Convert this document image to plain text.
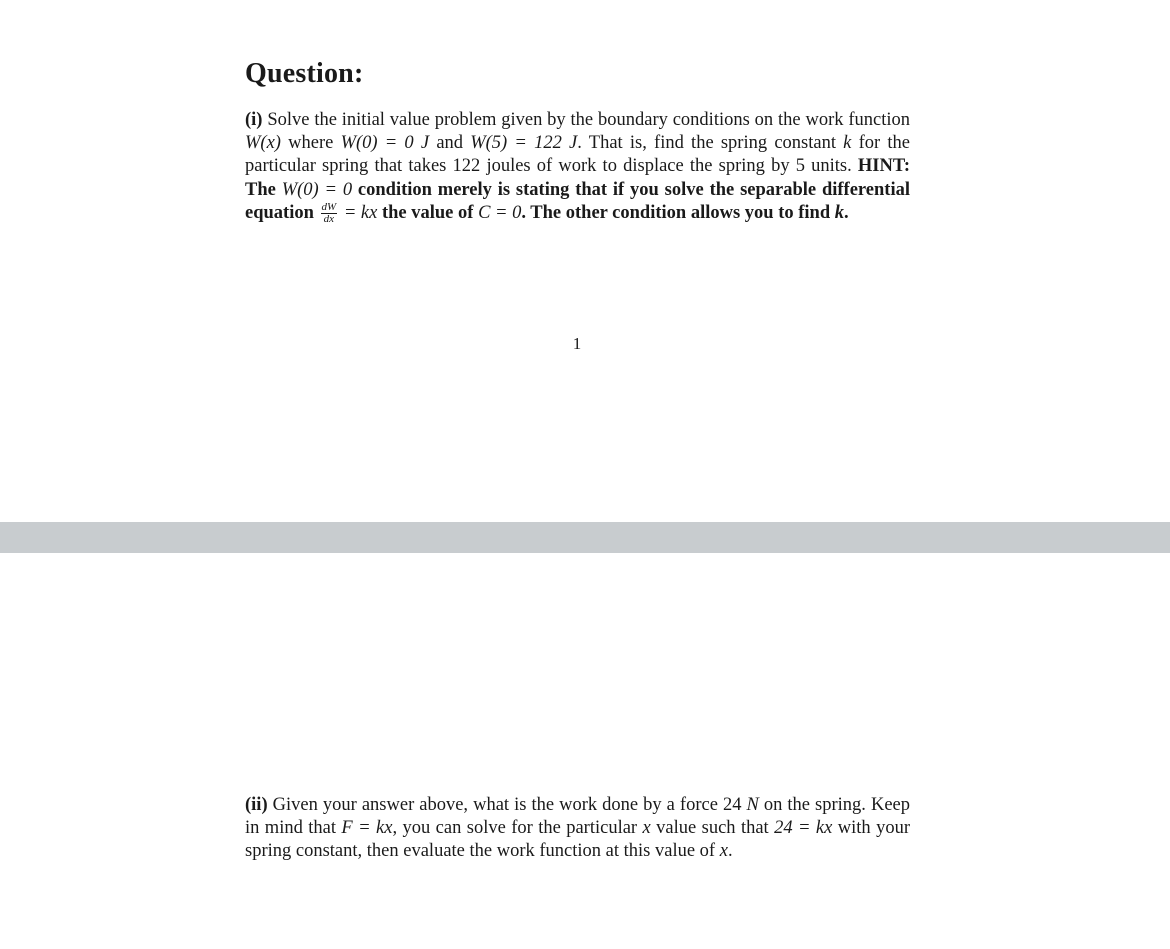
Question:

(i) Solve the initial value problem given by the boundary conditions on the work function W(x) where W(0) = 0 J and W(5) = 122 J. That is, find the spring constant k for the particular spring that takes 122 joules of work to displace the spring by 5 units. HINT: The W(0) = 0 condition merely is stating that if you solve the separable differential equation $\frac{dW}{dx}$ = kx the value of C = 0. The other condition allows you to find k.

1

(ii) Given your answer above, what is the work done by a force 24 N on the spring. Keep in mind that F = kx, you can solve for the particular x value such that 24 = kx with your spring constant, then evaluate the work function at this value of x.
